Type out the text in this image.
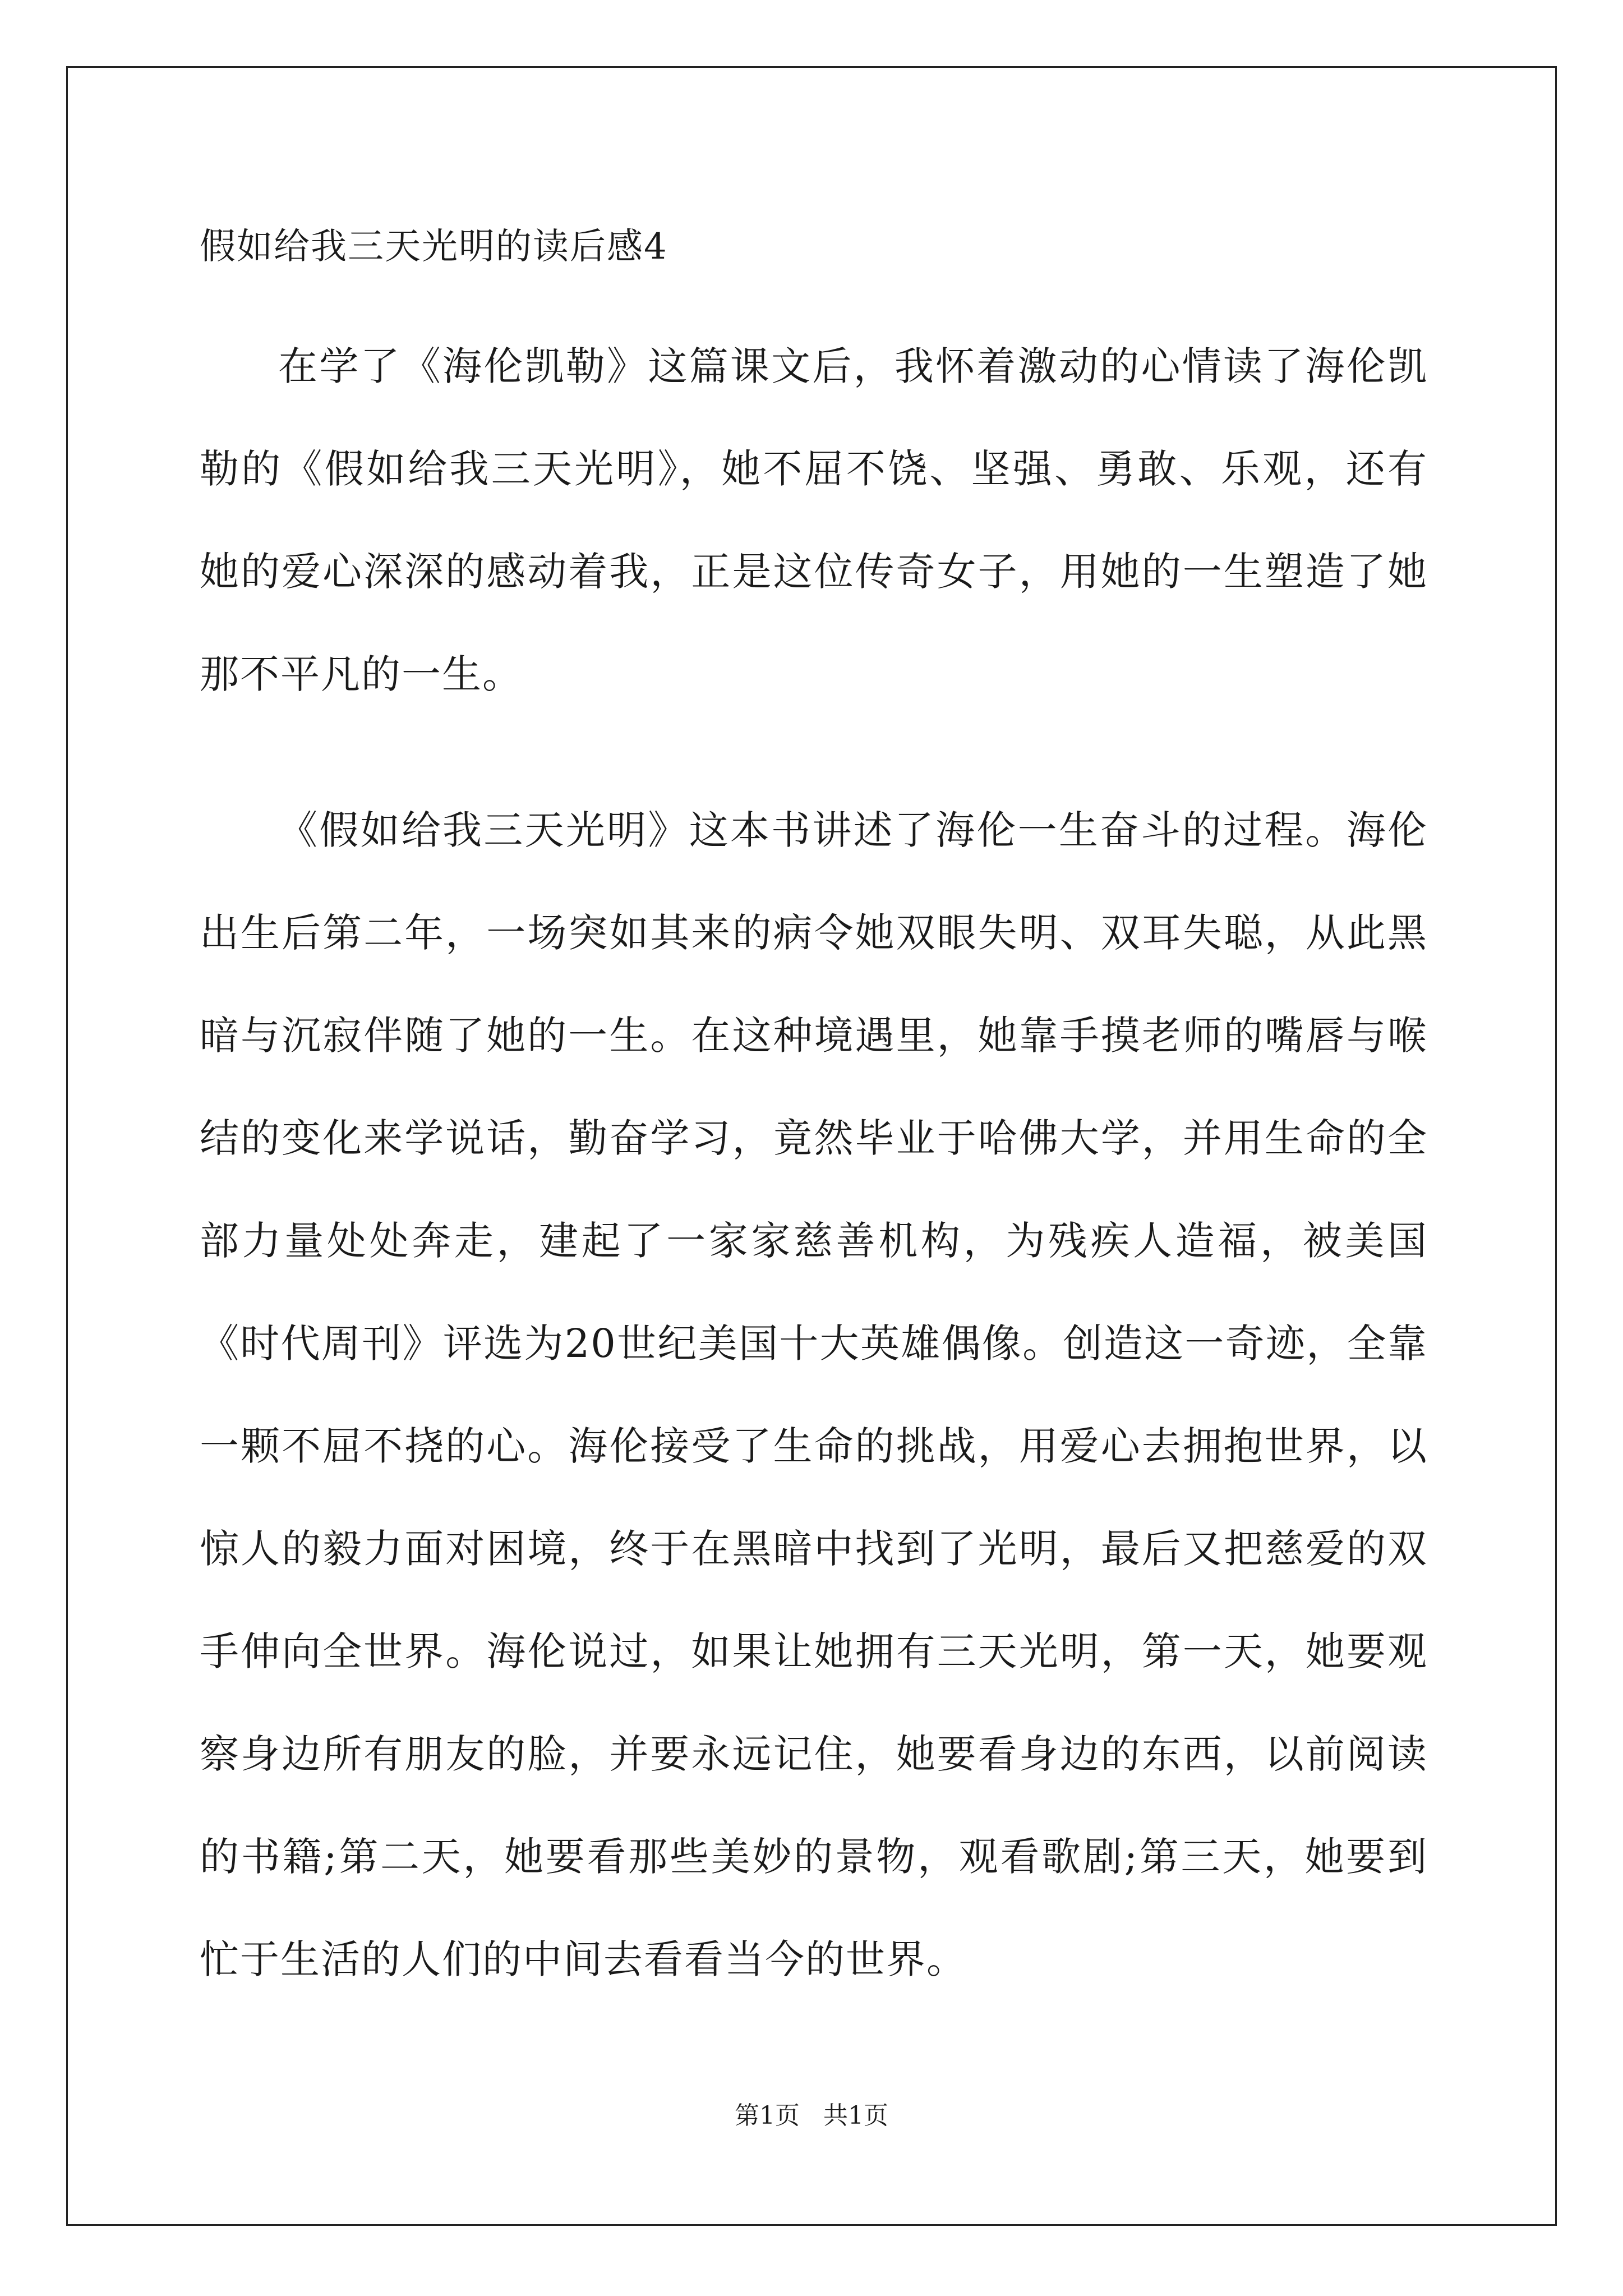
假如给我三天光明的读后感4

在学了《海伦凯勒》这篇课文后，我怀着激动的心情读了海伦凯勒的《假如给我三天光明》，她不屈不饶、坚强、勇敢、乐观，还有她的爱心深深的感动着我，正是这位传奇女子，用她的一生塑造了她那不平凡的一生。

《假如给我三天光明》这本书讲述了海伦一生奋斗的过程。海伦出生后第二年，一场突如其来的病令她双眼失明、双耳失聪，从此黑暗与沉寂伴随了她的一生。在这种境遇里，她靠手摸老师的嘴唇与喉结的变化来学说话，勤奋学习，竟然毕业于哈佛大学，并用生命的全部力量处处奔走，建起了一家家慈善机构，为残疾人造福，被美国《时代周刊》评选为20世纪美国十大英雄偶像。创造这一奇迹，全靠一颗不屈不挠的心。海伦接受了生命的挑战，用爱心去拥抱世界，以惊人的毅力面对困境，终于在黑暗中找到了光明，最后又把慈爱的双手伸向全世界。海伦说过，如果让她拥有三天光明，第一天，她要观察身边所有朋友的脸，并要永远记住，她要看身边的东西，以前阅读的书籍;第二天，她要看那些美妙的景物，观看歌剧;第三天，她要到忙于生活的人们的中间去看看当今的世界。

第1页   共1页
